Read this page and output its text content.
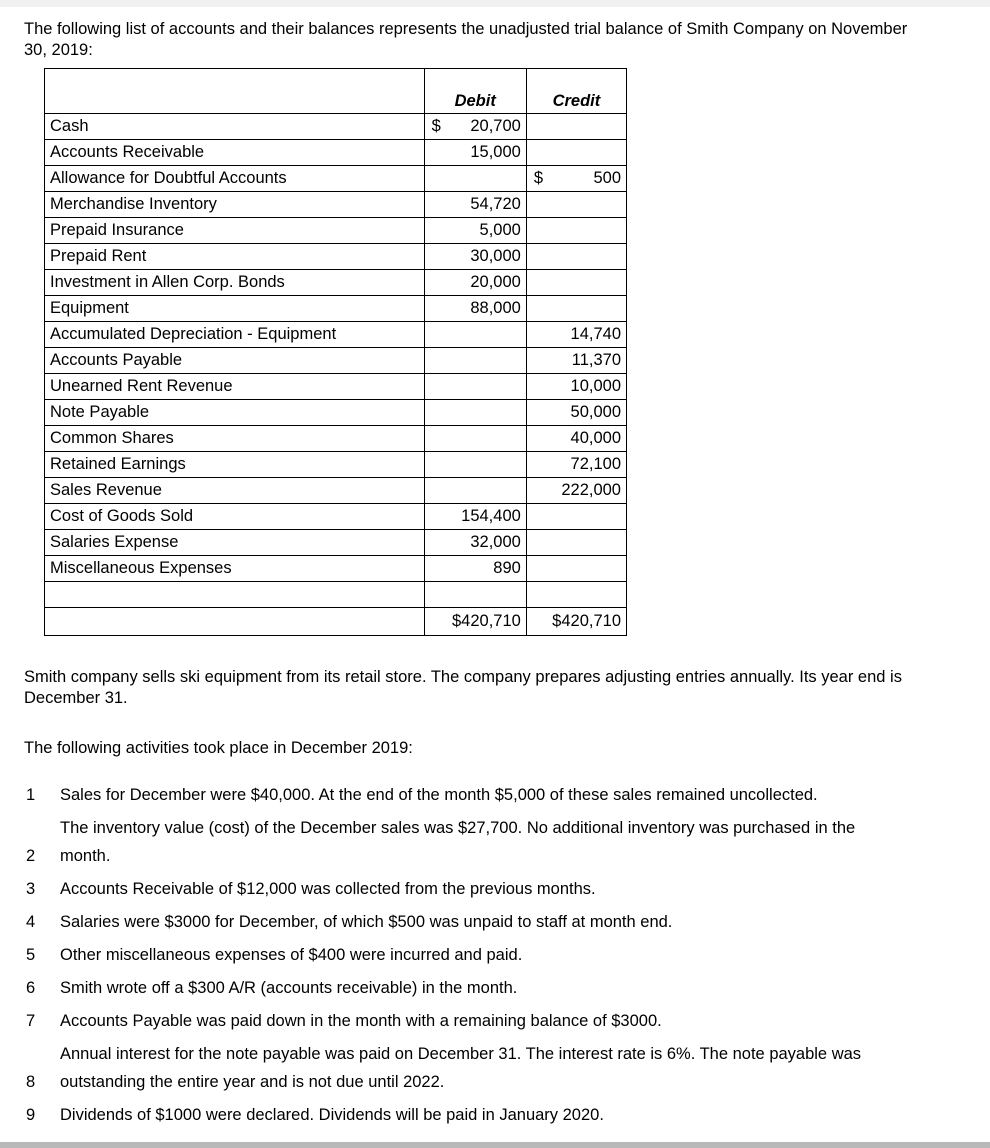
The following list of accounts and their balances represents the unadjusted trial balance of Smith Company on November 30, 2019:

	Debit	Credit
Cash	$ 20,700	
Accounts Receivable	15,000	
Allowance for Doubtful Accounts		$ 500
Merchandise Inventory	54,720	
Prepaid Insurance	5,000	
Prepaid Rent	30,000	
Investment in Allen Corp. Bonds	20,000	
Equipment	88,000	
Accumulated Depreciation - Equipment		14,740
Accounts Payable		11,370
Unearned Rent Revenue		10,000
Note Payable		50,000
Common Shares		40,000
Retained Earnings		72,100
Sales Revenue		222,000
Cost of Goods Sold	154,400	
Salaries Expense	32,000	
Miscellaneous Expenses	890	

	$420,710	$420,710

Smith company sells ski equipment from its retail store. The company prepares adjusting entries annually. Its year end is December 31.

The following activities took place in December 2019:

1	Sales for December were $40,000. At the end of the month $5,000 of these sales remained uncollected.
2
The inventory value (cost) of the December sales was $27,700. No additional inventory was purchased in the month.
3	Accounts Receivable of $12,000 was collected from the previous months.
4	Salaries were $3000 for December, of which $500 was unpaid to staff at month end.
5	Other miscellaneous expenses of $400 were incurred and paid.
6	Smith wrote off a $300 A/R (accounts receivable) in the month.
7	Accounts Payable was paid down in the month with a remaining balance of $3000.
8
Annual interest for the note payable was paid on December 31. The interest rate is 6%. The note payable was outstanding the entire year and is not due until 2022.
9	Dividends of $1000 were declared. Dividends will be paid in January 2020.
